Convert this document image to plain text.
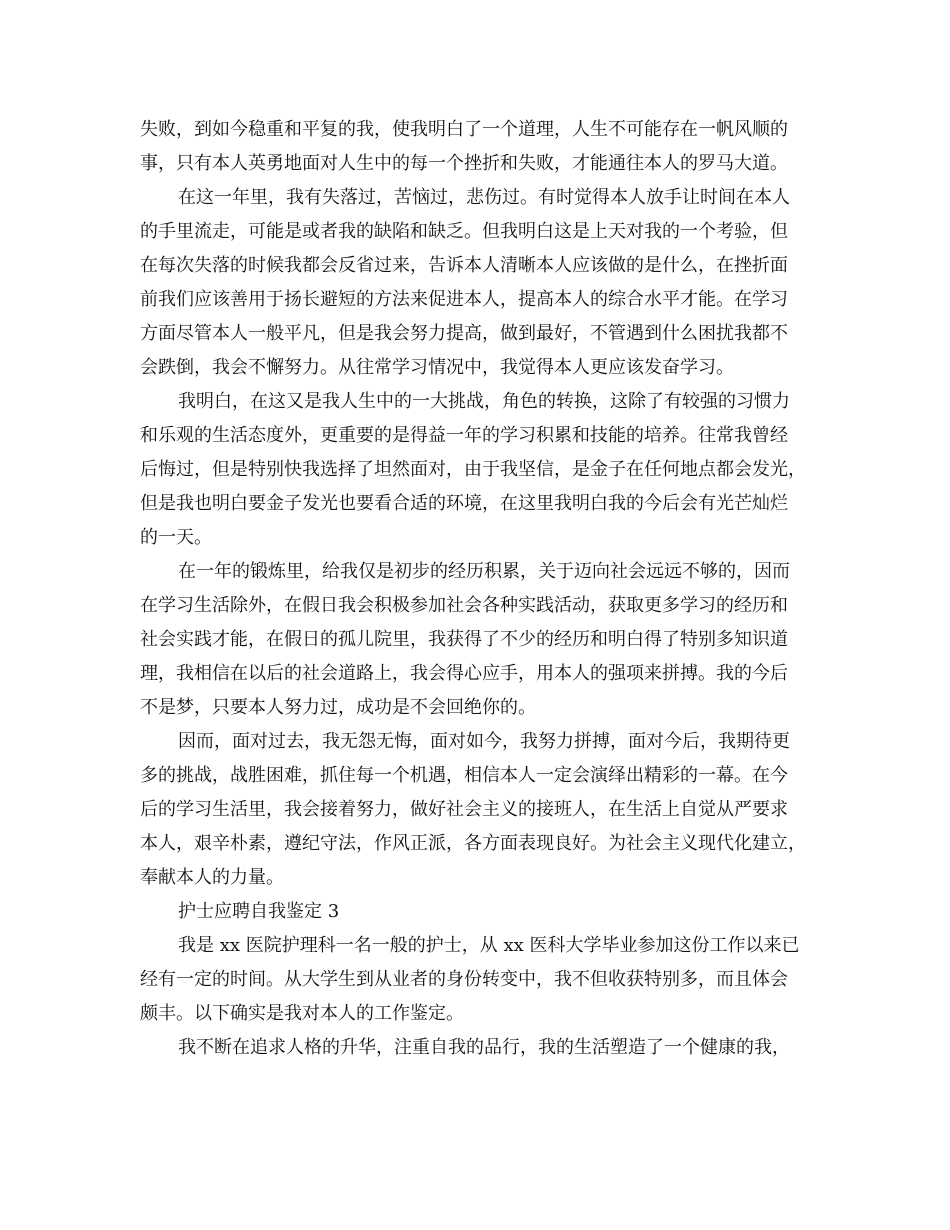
失败，到如今稳重和平复的我，使我明白了一个道理，人生不可能存在一帆风顺的
事，只有本人英勇地面对人生中的每一个挫折和失败，才能通往本人的罗马大道。
在这一年里，我有失落过，苦恼过，悲伤过。有时觉得本人放手让时间在本人
的手里流走，可能是或者我的缺陷和缺乏。但我明白这是上天对我的一个考验，但
在每次失落的时候我都会反省过来，告诉本人清晰本人应该做的是什么，在挫折面
前我们应该善用于扬长避短的方法来促进本人，提高本人的综合水平才能。在学习
方面尽管本人一般平凡，但是我会努力提高，做到最好，不管遇到什么困扰我都不
会跌倒，我会不懈努力。从往常学习情况中，我觉得本人更应该发奋学习。
我明白，在这又是我人生中的一大挑战，角色的转换，这除了有较强的习惯力
和乐观的生活态度外，更重要的是得益一年的学习积累和技能的培养。往常我曾经
后悔过，但是特别快我选择了坦然面对，由于我坚信，是金子在任何地点都会发光，
但是我也明白要金子发光也要看合适的环境，在这里我明白我的今后会有光芒灿烂
的一天。
在一年的锻炼里，给我仅是初步的经历积累，关于迈向社会远远不够的，因而
在学习生活除外，在假日我会积极参加社会各种实践活动，获取更多学习的经历和
社会实践才能，在假日的孤儿院里，我获得了不少的经历和明白得了特别多知识道
理，我相信在以后的社会道路上，我会得心应手，用本人的强项来拼搏。我的今后
不是梦，只要本人努力过，成功是不会回绝你的。
因而，面对过去，我无怨无悔，面对如今，我努力拼搏，面对今后，我期待更
多的挑战，战胜困难，抓住每一个机遇，相信本人一定会演绎出精彩的一幕。在今
后的学习生活里，我会接着努力，做好社会主义的接班人，在生活上自觉从严要求
本人，艰辛朴素，遵纪守法，作风正派，各方面表现良好。为社会主义现代化建立，
奉献本人的力量。
护士应聘自我鉴定 3
我是 xx 医院护理科一名一般的护士，从 xx 医科大学毕业参加这份工作以来已
经有一定的时间。从大学生到从业者的身份转变中，我不但收获特别多，而且体会
颇丰。以下确实是我对本人的工作鉴定。
我不断在追求人格的升华，注重自我的品行，我的生活塑造了一个健康的我，
